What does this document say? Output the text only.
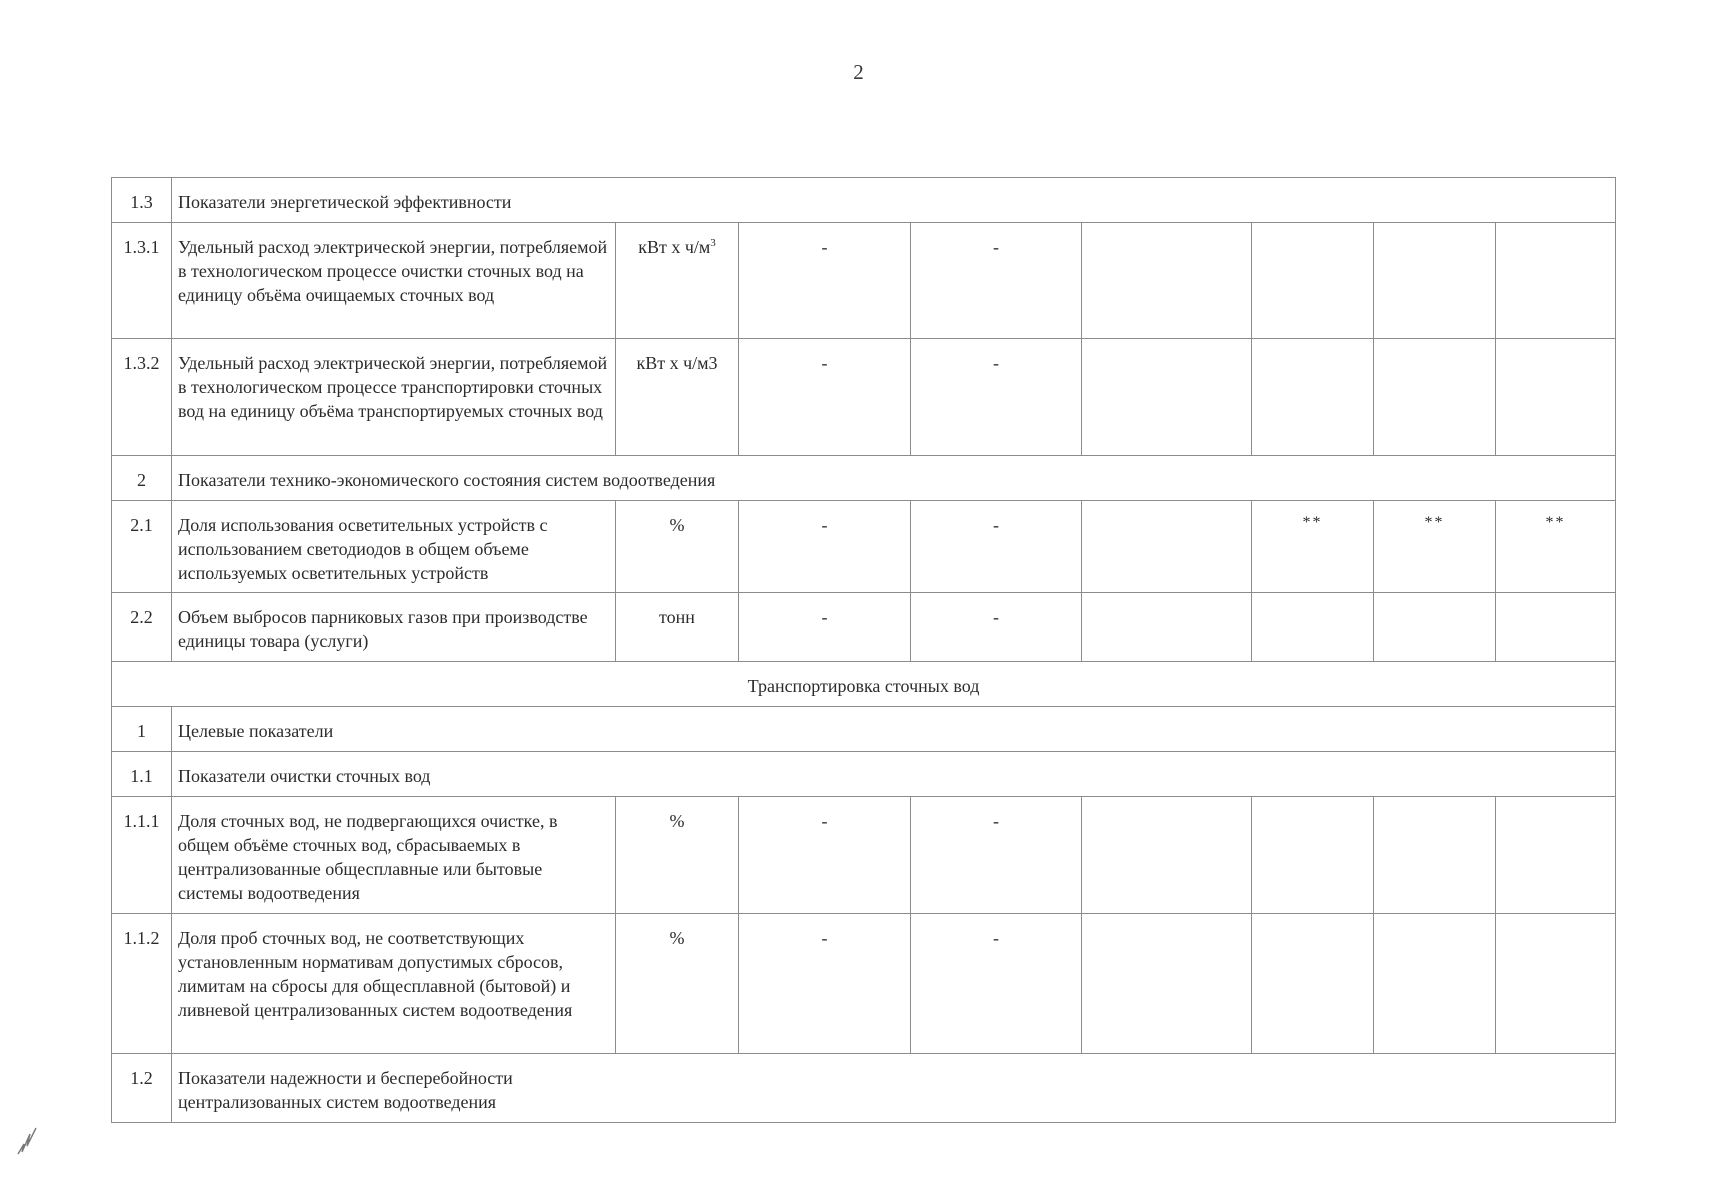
2
1.3	Показатели энергетической эффективности							
1.3.1	Удельный расход электрической энергии, потребляемой в технологическом процессе очистки сточных вод на единицу объёма очищаемых сточных вод	кВт х $ч/м^3$	-	-				
1.3.2	Удельный расход электрической энергии, потребляемой в технологическом процессе транспортировки сточных вод на единицу объёма транспортируемых сточных вод	кВт х ч/м3	-	-				
2	Показатели технико-экономического состояния систем водоотведения							
2.1	Доля использования осветительных устройств с использованием светодиодов в общем объеме используемых осветительных устройств	%	-	-		**	**	**
2.2	Объем выбросов парниковых газов при производстве единицы товара (услуги)	тонн	-	-				
Транспортировка сточных вод								
1	Целевые показатели							
1.1	Показатели очистки сточных вод							
1.1.1	Доля сточных вод, не подвергающихся очистке, в общем объёме сточных вод, сбрасываемых в централизованные общесплавные или бытовые системы водоотведения	%	-	-				
1.1.2	Доля проб сточных вод, не соответствующих установленным нормативам допустимых сбросов, лимитам на сбросы для общесплавной (бытовой) и ливневой централизованных систем водоотведения	%	-	-				
1.2	Показатели надежности и бесперебойности централизованных систем водоотведения							
